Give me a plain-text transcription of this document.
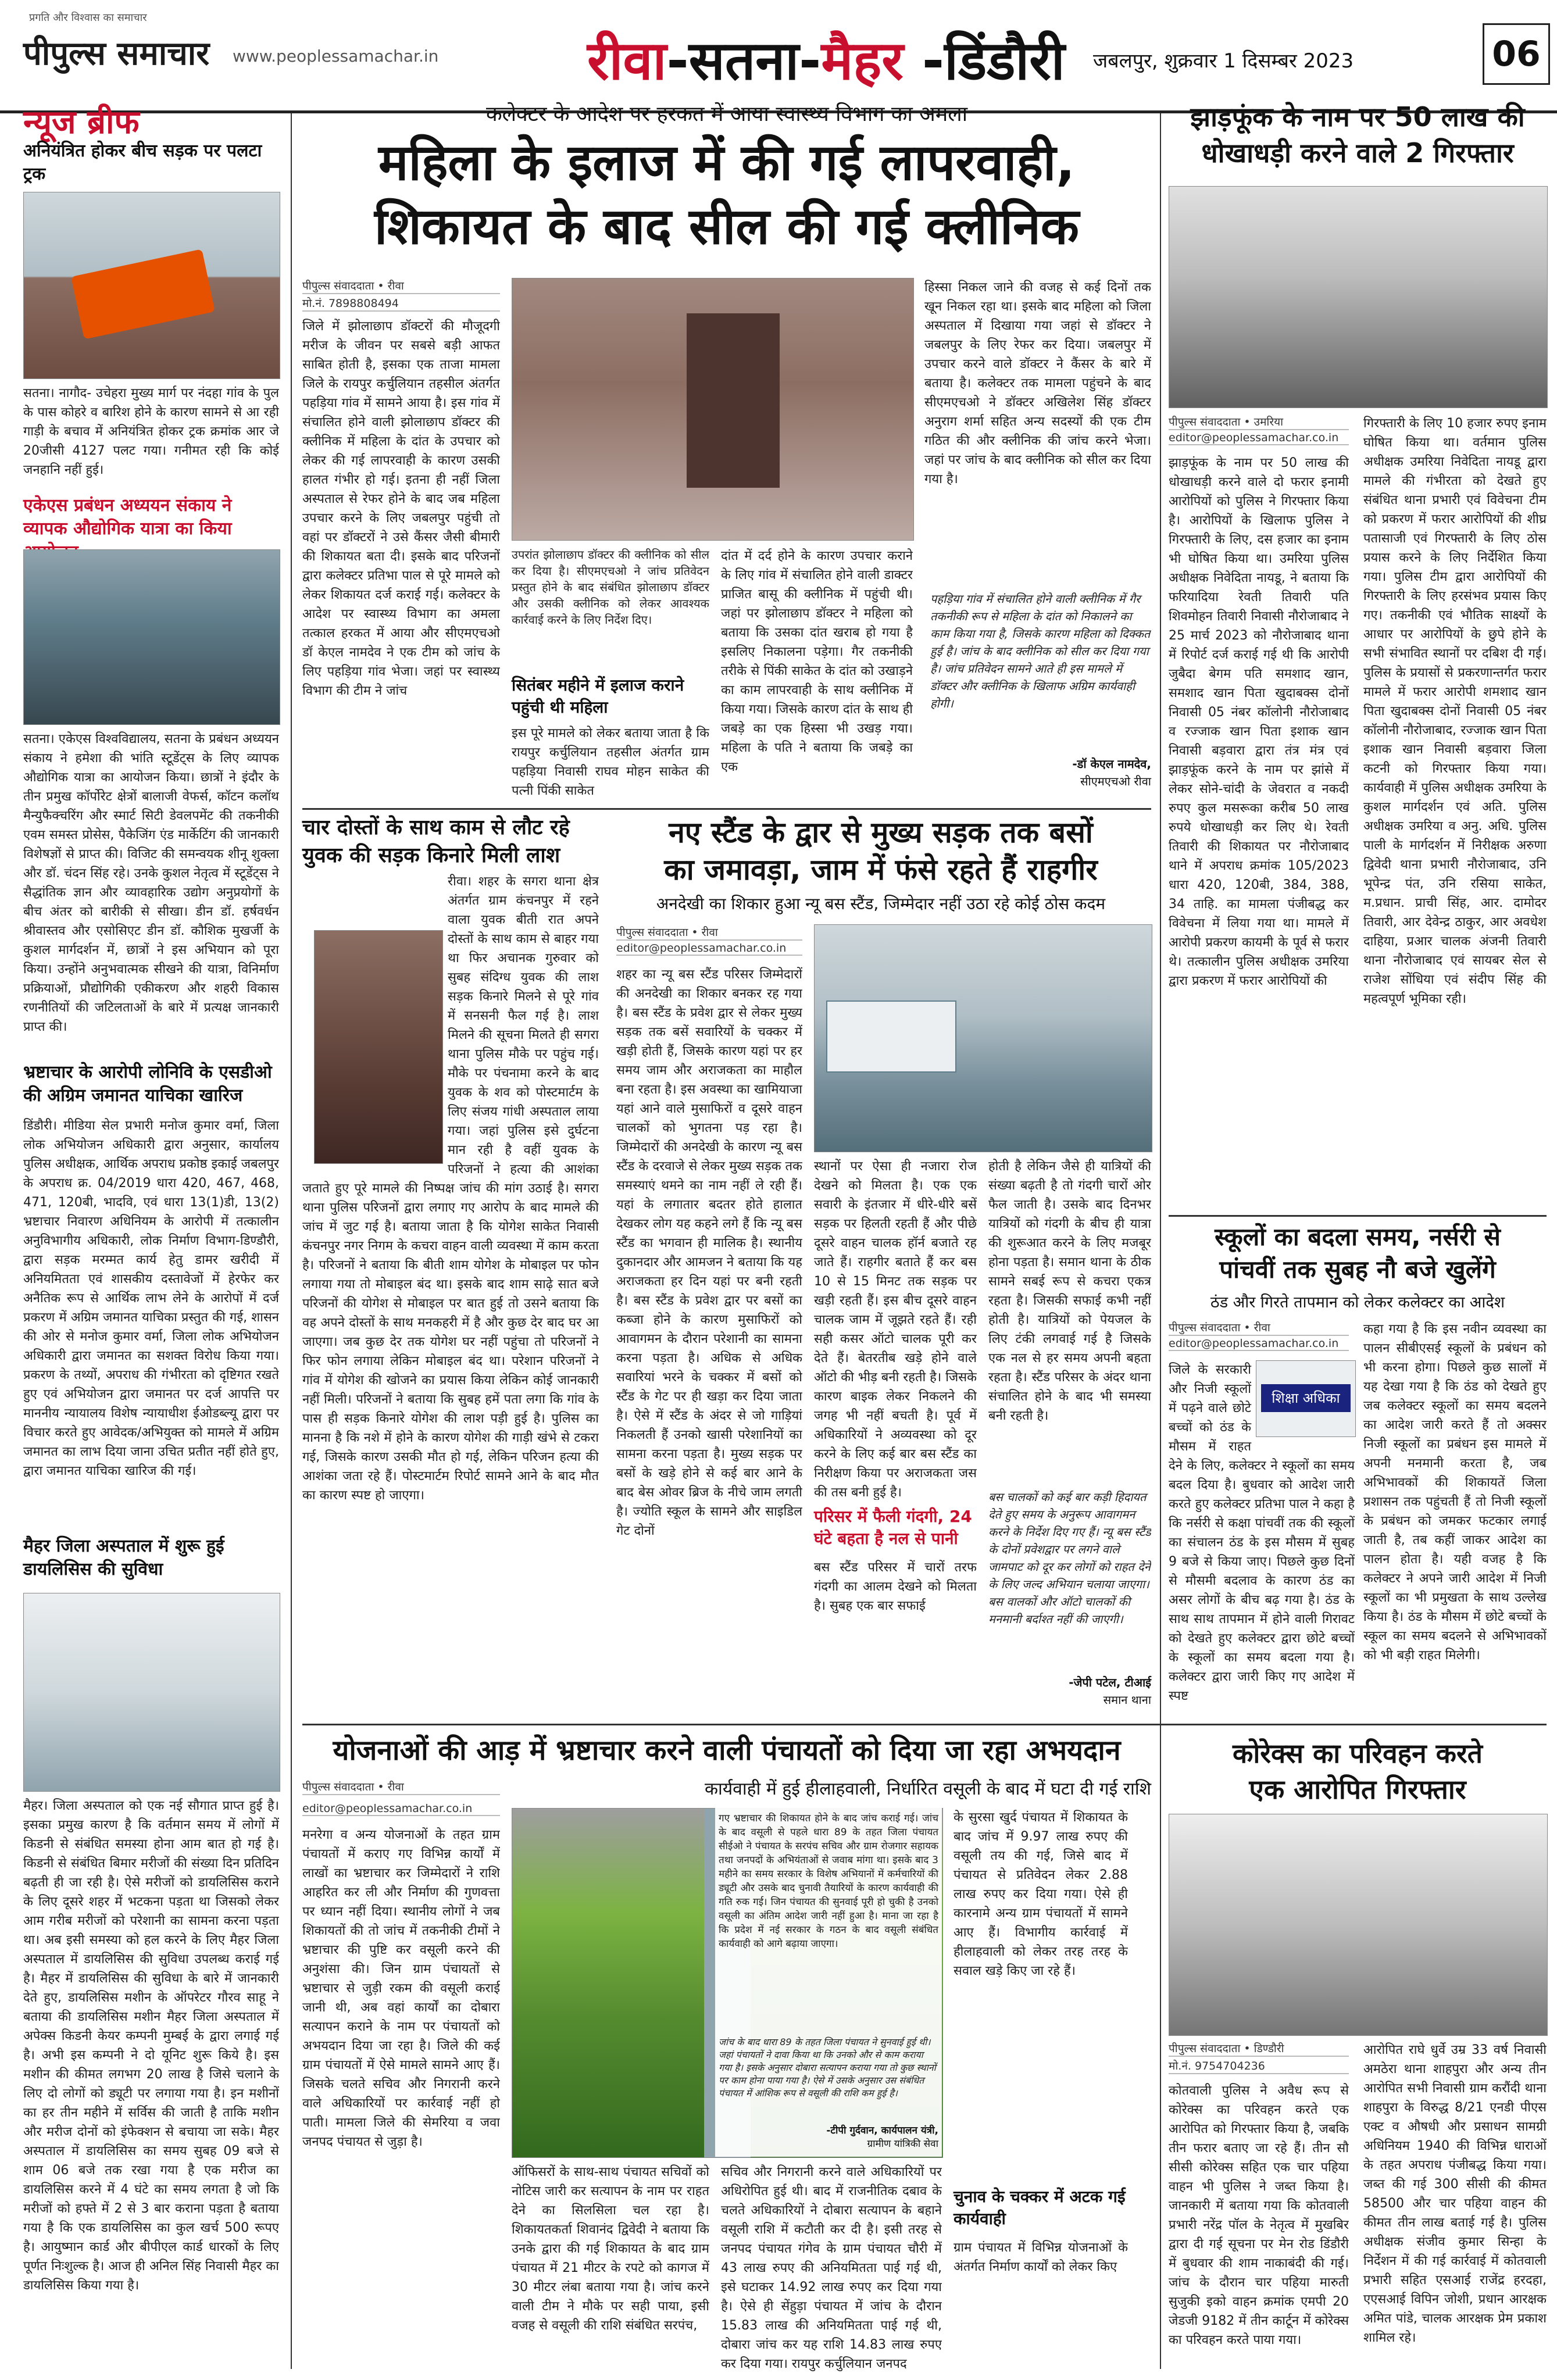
प्रगति और विश्वास का समाचार
पीपुल्स समाचार www.peoplessamachar.in	रीवा-सतना-मैहर -डिंडौरी जबलपुर, शुक्रवार 1 दिसम्बर 2023	06
न्यूज ब्रीफ
अनियंत्रित होकर बीच सड़क पर पलटा ट्रक
सतना। नागौद- उचेहरा मुख्य मार्ग पर नंदहा गांव के पुल के पास कोहरे व बारिश होने के कारण सामने से आ रही गाड़ी के बचाव में अनियंत्रित होकर ट्रक क्रमांक आर जे 20जीसी 4127 पलट गया। गनीमत रही कि कोई जनहानि नहीं हुई।
एकेएस प्रबंधन अध्ययन संकाय ने व्यापक औद्योगिक यात्रा का किया
सतना। एकेएस विश्वविद्यालय, सतना के प्रबंधन अध्ययन संकाय ने हमेशा की भांति स्टूडेंट्स के लिए व्यापक औद्योगिक यात्रा का आयोजन किया। छात्रों ने इंदौर के तीन प्रमुख कॉर्पोरेट क्षेत्रों बालाजी वेफर्स, कॉटन कलॉथ मैन्युफैक्चरिंग और स्मार्ट सिटी डेवलपमेंट की तकनीकी एवम समस्त प्रोसेस, पैकेजिंग एंड मार्केटिंग की जानकारी विशेषज्ञों से प्राप्त की। विजिट की समन्वयक शीनू शुक्ला और डॉ. चंदन सिंह रहे। उनके कुशल नेतृत्व में स्टूडेंट्स ने सैद्धांतिक ज्ञान और व्यावहारिक उद्योग अनुप्रयोगों के बीच अंतर को बारीकी से सीखा। डीन डॉ. हर्षवर्धन श्रीवास्तव और एसोसिएट डीन डॉ. कौशिक मुखर्जी के कुशल मार्गदर्शन में, छात्रों ने इस अभियान को पूरा किया। उन्होंने अनुभवात्मक सीखने की यात्रा, विनिर्माण प्रक्रियाओं, प्रौद्योगिकी एकीकरण और शहरी विकास रणनीतियों की जटिलताओं के बारे में प्रत्यक्ष जानकारी प्राप्त की।
भ्रष्टाचार के आरोपी लोनिवि के एसडीओ की अग्रिम जमानत याचिका खारिज
डिंडौरी। मीडिया सेल प्रभारी मनोज कुमार वर्मा, जिला लोक अभियोजन अधिकारी द्वारा अनुसार, कार्यालय पुलिस अधीक्षक, आर्थिक अपराध प्रकोष्ठ इकाई जबलपुर के अपराध क्र. 04/2019 धारा 420, 467, 468, 471, 120बी, भादवि, एवं धारा 13(1)डी, 13(2) भ्रष्टाचार निवारण अधिनियम के आरोपी में तत्कालीन अनुविभागीय अधिकारी, लोक निर्माण विभाग-डिण्डौरी, द्वारा सड़क मरम्मत कार्य हेतु डामर खरीदी में अनियमितता एवं शासकीय दस्तावेजों में हेरफेर कर अनैतिक रूप से आर्थिक लाभ लेने के आरोपों में दर्ज प्रकरण में अग्रिम जमानत याचिका प्रस्तुत की गई, शासन की ओर से मनोज कुमार वर्मा, जिला लोक अभियोजन अधिकारी द्वारा जमानत का सशक्त विरोध किया गया। प्रकरण के तथ्यों, अपराध की गंभीरता को दृष्टिगत रखते हुए एवं अभियोजन द्वारा जमानत पर दर्ज आपत्ति पर माननीय न्यायालय विशेष न्यायाधीश ईओडब्ल्यू द्वारा पर विचार करते हुए आवेदक/अभियुक्त को मामले में अग्रिम जमानत का लाभ दिया जाना उचित प्रतीत नहीं होते हुए, द्वारा जमानत याचिका खारिज की गई।
मैहर जिला अस्पताल में शुरू हुई डायलिसिस की सुविधा
मैहर। जिला अस्पताल को एक नई सौगात प्राप्त हुई है। इसका प्रमुख कारण है कि वर्तमान समय में लोगों में किडनी से संबंधित समस्या होना आम बात हो गई है। किडनी से संबंधित बिमार मरीजों की संख्या दिन प्रतिदिन बढ़ती ही जा रही है। ऐसे मरीजों को डायलिसिस कराने के लिए दूसरे शहर में भटकना पड़ता था जिसको लेकर आम गरीब मरीजों को परेशानी का सामना करना पड़ता था। अब इसी समस्या को हल करने के लिए मैहर जिला अस्पताल में डायलिसिस की सुविधा उपलब्ध कराई गई है। मैहर में डायलिसिस की सुविधा के बारे में जानकारी देते हुए, डायलिसिस मशीन के ऑपरेटर गौरव साहू ने बताया की डायलिसिस मशीन मैहर जिला अस्पताल में अपेक्स किडनी केयर कम्पनी मुम्बई के द्वारा लगाई गई है। अभी इस कम्पनी ने दो यूनिट शुरू किये है। इस मशीन की कीमत लगभग 20 लाख है जिसे चलाने के लिए दो लोगों को ड्यूटी पर लगाया गया है। इन मशीनों का हर तीन महीने में सर्विस की जाती है ताकि मशीन और मरीज दोनों को इंफेक्शन से बचाया जा सके। मैहर अस्पताल में डायलिसिस का समय सुबह 09 बजे से शाम 06 बजे तक रखा गया है एक मरीज का डायलिसिस करने में 4 घंटे का समय लगता है जो कि मरीजों को हफ्ते में 2 से 3 बार कराना पड़ता है बताया गया है कि एक डायलिसिस का कुल खर्च 500 रूपए है। आयुष्मान कार्ड और बीपीएल कार्ड धारकों के लिए पूर्णत निःशुल्क है। आज ही अनिल सिंह निवासी मैहर का डायलिसिस किया गया है।
कलेक्टर के आदेश पर हरकत में आया स्वास्थ्य विभाग का अमला
महिला के इलाज में की गई लापरवाही,
शिकायत के बाद सील की गई क्लीनिक
पीपुल्स संवाददाता • रीवा
मो.नं. 7898808494
जिले में झोलाछाप डॉक्टरों की मौजूदगी मरीज के जीवन पर सबसे बड़ी आफत साबित होती है, इसका एक ताजा मामला जिले के रायपुर कर्चुलियान तहसील अंतर्गत पहड़िया गांव में सामने आया है। इस गांव में संचालित होने वाली झोलाछाप डॉक्टर की क्लीनिक में महिला के दांत के उपचार को लेकर की गई लापरवाही के कारण उसकी हालत गंभीर हो गई। इतना ही नहीं जिला अस्पताल से रेफर होने के बाद जब महिला उपचार करने के लिए जबलपुर पहुंची तो वहां पर डॉक्टरों ने उसे कैंसर जैसी बीमारी की शिकायत बता दी। इसके बाद परिजनों द्वारा कलेक्टर प्रतिभा पाल से पूरे मामले को लेकर शिकायत दर्ज कराई गई। कलेक्टर के आदेश पर स्वास्थ्य विभाग का अमला तत्काल हरकत में आया और सीएमएचओ डॉ केएल नामदेव ने एक टीम को जांच के लिए पहड़िया गांव भेजा। जहां पर स्वास्थ्य विभाग की टीम ने जांच
उपरांत झोलाछाप डॉक्टर की क्लीनिक को सील कर दिया है। सीएमएचओ ने जांच प्रतिवेदन प्रस्तुत होने के बाद संबंधित झोलाछाप डॉक्टर और उसकी क्लीनिक को लेकर आवश्यक कार्रवाई करने के लिए निर्देश दिए।
सितंबर महीने में इलाज कराने पहुंची थी महिला
इस पूरे मामले को लेकर बताया जाता है कि रायपुर कर्चुलियान तहसील अंतर्गत ग्राम पहड़िया निवासी राघव मोहन साकेत की पत्नी पिंकी साकेत
दांत में दर्द होने के कारण उपचार कराने के लिए गांव में संचालित होने वाली डाक्टर प्राजित बासू की क्लीनिक में पहुंची थी। जहां पर झोलाछाप डॉक्टर ने महिला को बताया कि उसका दांत खराब हो गया है इसलिए निकालना पड़ेगा। गैर तकनीकी तरीके से पिंकी साकेत के दांत को उखाड़ने का काम लापरवाही के साथ क्लीनिक में किया गया। जिसके कारण दांत के साथ ही जबड़े का एक हिस्सा भी उखड़ गया। महिला के पति ने बताया कि जबड़े का एक
हिस्सा निकल जाने की वजह से कई दिनों तक खून निकल रहा था। इसके बाद महिला को जिला अस्पताल में दिखाया गया जहां से डॉक्टर ने जबलपुर के लिए रेफर कर दिया। जबलपुर में उपचार करने वाले डॉक्टर ने कैंसर के बारे में बताया है। कलेक्टर तक मामला पहुंचने के बाद सीएमएचओ ने डॉक्टर अखिलेश सिंह डॉक्टर अनुराग शर्मा सहित अन्य सदस्यों की एक टीम गठित की और क्लीनिक की जांच करने भेजा। जहां पर जांच के बाद क्लीनिक को सील कर दिया गया है।
पहड़िया गांव में संचालित होने वाली क्लीनिक में गैर तकनीकी रूप से महिला के दांत को निकालने का काम किया गया है, जिसके कारण महिला को दिक्कत हुई है। जांच के बाद क्लीनिक को सील कर दिया गया है। जांच प्रतिवेदन सामने आते ही इस मामले में डॉक्टर और क्लीनिक के खिलाफ अग्रिम कार्यवाही होगी।
-डॉ केएल नामदेव,
सीएमएचओ रीवा
चार दोस्तों के साथ काम से लौट रहे युवक की सड़क किनारे मिली लाश
रीवा। शहर के सगरा थाना क्षेत्र अंतर्गत ग्राम कंचनपुर में रहने वाला युवक बीती रात अपने दोस्तों के साथ काम से बाहर गया था फिर अचानक गुरुवार को सुबह संदिग्ध युवक की लाश सड़क किनारे मिलने से पूरे गांव में सनसनी फैल गई है। लाश मिलने की सूचना मिलते ही सगरा थाना पुलिस मौके पर पहुंच गई। मौके पर पंचनामा करने के बाद युवक के शव को पोस्टमार्टम के लिए संजय गांधी अस्पताल लाया गया। जहां पुलिस इसे दुर्घटना मान रही है वहीं युवक के परिजनों ने हत्या की आशंका जताते हुए पूरे मामले की निष्पक्ष जांच की मांग उठाई है। सगरा थाना पुलिस परिजनों द्वारा लगाए गए आरोप के बाद मामले की जांच में जुट गई है। बताया जाता है कि योगेश साकेत निवासी कंचनपुर नगर निगम के कचरा वाहन वाली व्यवस्था में काम करता है। परिजनों ने बताया कि बीती शाम योगेश के मोबाइल पर फोन लगाया गया तो मोबाइल बंद था। इसके बाद शाम साढ़े सात बजे परिजनों की योगेश से मोबाइल पर बात हुई तो उसने बताया कि वह अपने दोस्तों के साथ मनकहरी में है और कुछ देर बाद घर आ जाएगा। जब कुछ देर तक योगेश घर नहीं पहुंचा तो परिजनों ने फिर फोन लगाया लेकिन मोबाइल बंद था। परेशान परिजनों ने गांव में योगेश की खोजने का प्रयास किया लेकिन कोई जानकारी नहीं मिली। परिजनों ने बताया कि सुबह हमें पता लगा कि गांव के पास ही सड़क किनारे योगेश की लाश पड़ी हुई है। पुलिस का मानना है कि नशे में होने के कारण योगेश की गाड़ी खंभे से टकरा गई, जिसके कारण उसकी मौत हो गई, लेकिन परिजन हत्या की आशंका जता रहे हैं। पोस्टमार्टम रिपोर्ट सामने आने के बाद मौत का कारण स्पष्ट हो जाएगा।
नए स्टैंड के द्वार से मुख्य सड़क तक बसों
का जमावड़ा, जाम में फंसे रहते हैं राहगीर
अनदेखी का शिकार हुआ न्यू बस स्टैंड, जिम्मेदार नहीं उठा रहे कोई ठोस कदम
पीपुल्स संवाददाता • रीवा
editor@peoplessamachar.co.in
शहर का न्यू बस स्टैंड परिसर जिम्मेदारों की अनदेखी का शिकार बनकर रह गया है। बस स्टैंड के प्रवेश द्वार से लेकर मुख्य सड़क तक बसें सवारियों के चक्कर में खड़ी होती हैं, जिसके कारण यहां पर हर समय जाम और अराजकता का माहौल बना रहता है। इस अवस्था का खामियाजा यहां आने वाले मुसाफिरों व दूसरे वाहन चालकों को भुगतना पड़ रहा है। जिम्मेदारों की अनदेखी के कारण न्यू बस स्टैंड के दरवाजे से लेकर मुख्य सड़क तक समस्याएं थमने का नाम नहीं ले रही हैं। यहां के लगातार बदतर होते हालात देखकर लोग यह कहने लगे हैं कि न्यू बस स्टैंड का भगवान ही मालिक है। स्थानीय दुकानदार और आमजन ने बताया कि यह अराजकता हर दिन यहां पर बनी रहती है। बस स्टैंड के प्रवेश द्वार पर बसों का कब्जा होने के कारण मुसाफिरों को आवागमन के दौरान परेशानी का सामना करना पड़ता है। अधिक से अधिक सवारियां भरने के चक्कर में बसों को स्टैंड के गेट पर ही खड़ा कर दिया जाता है। ऐसे में स्टैंड के अंदर से जो गाड़ियां निकलती हैं उनको खासी परेशानियों का सामना करना पड़ता है। मुख्य सड़क पर बसों के खड़े होने से कई बार आने के बाद बेस ओवर ब्रिज के नीचे जाम लगती है। ज्योति स्कूल के सामने और साइडिल गेट दोनों
स्थानों पर ऐसा ही नजारा रोज देखने को मिलता है। एक एक सवारी के इंतजार में धीरे-धीरे बसें सड़क पर हिलती रहती हैं और पीछे दूसरे वाहन चालक हॉर्न बजाते रह जाते हैं। राहगीर बताते हैं कर बस 10 से 15 मिनट तक सड़क पर खड़ी रहती हैं। इस बीच दूसरे वाहन चालक जाम में जूझते रहते हैं। रही सही कसर ऑटो चालक पूरी कर देते हैं। बेतरतीब खड़े होने वाले ऑटो की भीड़ बनी रहती है। जिसके कारण बाइक लेकर निकलने की जगह भी नहीं बचती है। पूर्व में अधिकारियों ने अव्यवस्था को दूर करने के लिए कई बार बस स्टैंड का निरीक्षण किया पर अराजकता जस की तस बनी हुई है।
परिसर में फैली गंदगी, 24 घंटे बहता है नल से पानी
बस स्टैंड परिसर में चारों तरफ गंदगी का आलम देखने को मिलता है। सुबह एक बार सफाई
होती है लेकिन जैसे ही यात्रियों की संख्या बढ़ती है तो गंदगी चारों ओर फैल जाती है। उसके बाद दिनभर यात्रियों को गंदगी के बीच ही यात्रा की शुरूआत करने के लिए मजबूर होना पड़ता है। समान थाना के ठीक सामने सबई रूप से कचरा एकत्र रहता है। जिसकी सफाई कभी नहीं होती है। यात्रियों को पेयजल के लिए टंकी लगवाई गई है जिसके एक नल से हर समय अपनी बहता रहता है। स्टैंड परिसर के अंदर थाना संचालित होने के बाद भी समस्या बनी रहती है।
बस चालकों को कई बार कड़ी हिदायत देते हुए समय के अनुरूप आवागमन करने के निर्देश दिए गए हैं। न्यू बस स्टैंड के दोनों प्रवेशद्वार पर लगने वाले जामपाट को दूर कर लोगों को राहत देने के लिए जल्द अभियान चलाया जाएगा। बस वालकों और ऑटो चालकों की मनमानी बर्दाश्त नहीं की जाएगी।
-जेपी पटेल, टीआई
समान थाना
झाड़फूंक के नाम पर 50 लाख की
धोखाधड़ी करने वाले 2 गिरफ्तार
पीपुल्स संवाददाता • उमरिया
editor@peoplessamachar.co.in
झाड़फूंक के नाम पर 50 लाख की धोखाधड़ी करने वाले दो फरार इनामी आरोपियों को पुलिस ने गिरफ्तार किया है। आरोपियों के खिलाफ पुलिस ने गिरफ्तारी के लिए, दस हजार का इनाम भी घोषित किया था। उमरिया पुलिस अधीक्षक निवेदिता नायडू, ने बताया कि फरियादिया रेवती तिवारी पति शिवमोहन तिवारी निवासी नौरोजाबाद ने 25 मार्च 2023 को नौरोजाबाद थाना में रिपोर्ट दर्ज कराई गई थी कि आरोपी जुबैदा बेगम पति समशाद खान, समशाद खान पिता खुदाबक्स दोनों निवासी 05 नंबर कॉलोनी नौरोजाबाद व रज्जाक खान पिता इशाक खान निवासी बड़वारा द्वारा तंत्र मंत्र एवं झाड़फूंक करने के नाम पर झांसे में लेकर सोने-चांदी के जेवरात व नकदी रुपए कुल मसरूका करीब 50 लाख रुपये धोखाधड़ी कर लिए थे। रेवती तिवारी की शिकायत पर नौरोजाबाद थाने में अपराध क्रमांक 105/2023 धारा 420, 120बी, 384, 388, 34 ताहि. का मामला पंजीबद्ध कर विवेचना में लिया गया था। मामले में आरोपी प्रकरण कायमी के पूर्व से फरार थे। तत्कालीन पुलिस अधीक्षक उमरिया द्वारा प्रकरण में फरार आरोपियों की
गिरफ्तारी के लिए 10 हजार रुपए इनाम घोषित किया था। वर्तमान पुलिस अधीक्षक उमरिया निवेदिता नायडू द्वारा मामले की गंभीरता को देखते हुए संबंधित थाना प्रभारी एवं विवेचना टीम को प्रकरण में फरार आरोपियों की शीघ्र पतासाजी एवं गिरफ्तारी के लिए ठोस प्रयास करने के लिए निर्देशित किया गया। पुलिस टीम द्वारा आरोपियों की गिरफ्तारी के लिए हरसंभव प्रयास किए गए। तकनीकी एवं भौतिक साक्ष्यों के आधार पर आरोपियों के छुपे होने के सभी संभावित स्थानों पर दबिश दी गई। पुलिस के प्रयासों से प्रकरणान्तर्गत फरार मामले में फरार आरोपी शमशाद खान पिता खुदाबक्स दोनों निवासी 05 नंबर कॉलोनी नौरोजाबाद, रज्जाक खान पिता इशाक खान निवासी बड़वारा जिला कटनी को गिरफ्तार किया गया। कार्यवाही में पुलिस अधीक्षक उमरिया के कुशल मार्गदर्शन एवं अति. पुलिस अधीक्षक उमरिया व अनु. अधि. पुलिस पाली के मार्गदर्शन में निरीक्षक अरुणा द्विवेदी थाना प्रभारी नौरोजाबाद, उनि भूपेन्द्र पंत, उनि रसिया साकेत, म.प्रधान. प्राची सिंह, आर. दामोदर तिवारी, आर देवेन्द्र ठाकुर, आर अवधेश दाहिया, प्रआर चालक अंजनी तिवारी थाना नौरोजाबाद एवं सायबर सेल से राजेश सोंधिया एवं संदीप सिंह की महत्वपूर्ण भूमिका रही।
स्कूलों का बदला समय, नर्सरी से
पांचवीं तक सुबह नौ बजे खुलेंगे
ठंड और गिरते तापमान को लेकर कलेक्टर का आदेश
पीपुल्स संवाददाता • रीवा
editor@peoplessamachar.co.in
शिक्षा अधिका
जिले के सरकारी और निजी स्कूलों में पढ़ने वाले छोटे बच्चों को ठंड के मौसम में राहत देने के लिए, कलेक्टर ने स्कूलों का समय बदल दिया है। बुधवार को आदेश जारी करते हुए कलेक्टर प्रतिभा पाल ने कहा है कि नर्सरी से कक्षा पांचवीं तक की स्कूलों का संचालन ठंड के इस मौसम में सुबह 9 बजे से किया जाए। पिछले कुछ दिनों से मौसमी बदलाव के कारण ठंड का असर लोगों के बीच बढ़ गया है। ठंड के साथ साथ तापमान में होने वाली गिरावट को देखते हुए कलेक्टर द्वारा छोटे बच्चों के स्कूलों का समय बदला गया है। कलेक्टर द्वारा जारी किए गए आदेश में स्पष्ट
कहा गया है कि इस नवीन व्यवस्था का पालन सीबीएसई स्कूलों के प्रबंधन को भी करना होगा। पिछले कुछ सालों में यह देखा गया है कि ठंड को देखते हुए जब कलेक्टर स्कूलों का समय बदलने का आदेश जारी करते हैं तो अक्सर निजी स्कूलों का प्रबंधन इस मामले में अपनी मनमानी करता है, जब अभिभावकों की शिकायतें जिला प्रशासन तक पहुंचती हैं तो निजी स्कूलों के प्रबंधन को जमकर फटकार लगाई जाती है, तब कहीं जाकर आदेश का पालन होता है। यही वजह है कि कलेक्टर ने अपने जारी आदेश में निजी स्कूलों का भी प्रमुखता के साथ उल्लेख किया है। ठंड के मौसम में छोटे बच्चों के स्कूल का समय बदलने से अभिभावकों को भी बड़ी राहत मिलेगी।
योजनाओं की आड़ में भ्रष्टाचार करने वाली पंचायतों को दिया जा रहा अभयदान
कार्यवाही में हुई हीलाहवाली, निर्धारित वसूली के बाद में घटा दी गई राशि
पीपुल्स संवाददाता • रीवा
editor@peoplessamachar.co.in
मनरेगा व अन्य योजनाओं के तहत ग्राम पंचायतों में कराए गए विभिन्न कार्यों में लाखों का भ्रष्टाचार कर जिम्मेदारों ने राशि आहरित कर ली और निर्माण की गुणवत्ता पर ध्यान नहीं दिया। स्थानीय लोगों ने जब शिकायतों की तो जांच में तकनीकी टीमों ने भ्रष्टाचार की पुष्टि कर वसूली करने की अनुशंसा की। जिन ग्राम पंचायतों से भ्रष्टाचार से जुड़ी रकम की वसूली कराई जानी थी, अब वहां कार्यों का दोबारा सत्यापन कराने के नाम पर पंचायतों को अभयदान दिया जा रहा है। जिले की कई ग्राम पंचायतों में ऐसे मामले सामने आए हैं। जिसके चलते सचिव और निगरानी करने वाले अधिकारियों पर कार्रवाई नहीं हो पाती। मामला जिले की सेमरिया व जवा जनपद पंचायत से जुड़ा है।
ऑफिसरों के साथ-साथ पंचायत सचिवों को नोटिस जारी कर सत्यापन के नाम पर राहत देने का सिलसिला चल रहा है। शिकायतकर्ता शिवानंद द्विवेदी ने बताया कि उनके द्वारा की गई शिकायत के बाद ग्राम पंचायत में 21 मीटर के रपटे को कागज में 30 मीटर लंबा बताया गया है। जांच करने वाली टीम ने मौके पर सही पाया, इसी वजह से वसूली की राशि संबंधित सरपंच,
सचिव और निगरानी करने वाले अधिकारियों पर अधिरोपित हुई थी। बाद में राजनीतिक दबाव के चलते अधिकारियों ने दोबारा सत्यापन के बहाने वसूली राशि में कटौती कर दी है। इसी तरह से जनपद पंचायत गंगेव के ग्राम पंचायत चौरी में 43 लाख रुपए की अनियमितता पाई गई थी, इसे घटाकर 14.92 लाख रुपए कर दिया गया है। ऐसे ही सेंहुड़ा पंचायत में जांच के दौरान 15.83 लाख की अनियमितता पाई गई थी, दोबारा जांच कर यह राशि 14.83 लाख रुपए कर दिया गया। रायपुर कर्चुलियान जनपद
के सुरसा खुर्द पंचायत में शिकायत के बाद जांच में 9.97 लाख रुपए की वसूली तय की गई, जिसे बाद में पंचायत से प्रतिवेदन लेकर 2.88 लाख रुपए कर दिया गया। ऐसे ही कारनामे अन्य ग्राम पंचायतों में सामने आए हैं। विभागीय कार्रवाई में हीलाहवाली को लेकर तरह तरह के सवाल खड़े किए जा रहे हैं।
चुनाव के चक्कर में अटक गई कार्यवाही
ग्राम पंचायत में विभिन्न योजनाओं के अंतर्गत निर्माण कार्यों को लेकर किए
कोरेक्स का परिवहन करते
एक आरोपित गिरफ्तार
पीपुल्स संवाददाता • डिण्डौरी
मो.नं. 9754704236
कोतवाली पुलिस ने अवैध रूप से कोरेक्स का परिवहन करते एक आरोपित को गिरफ्तार किया है, जबकि तीन फरार बताए जा रहे हैं। तीन सौ सीसी कोरेक्स सहित एक चार पहिया वाहन भी पुलिस ने जब्त किया है। जानकारी में बताया गया कि कोतवाली प्रभारी नरेंद्र पॉल के नेतृत्व में मुखबिर द्वारा दी गई सूचना पर मेन रोड डिंडौरी में बुधवार की शाम नाकाबंदी की गई। जांच के दौरान चार पहिया मारुती सुजुकी इको वाहन क्रमांक एमपी 20 जेडजी 9182 में तीन कार्टून में कोरेक्स का परिवहन करते पाया गया।
आरोपित राघे धुर्वे उम्र 33 वर्ष निवासी अमठेरा थाना शाहपुरा और अन्य तीन आरोपित सभी निवासी ग्राम करौंदी थाना शाहपुरा के विरुद्ध 8/21 एनडी पीएस एक्ट व औषधी और प्रसाधन सामग्री अधिनियम 1940 की विभिन्न धाराओं के तहत अपराध पंजीबद्ध किया गया। जब्त की गई 300 सीसी की कीमत 58500 और चार पहिया वाहन की कीमत तीन लाख बताई गई है। पुलिस अधीक्षक संजीव कुमार सिन्हा के निर्देशन में की गई कार्रवाई में कोतवाली प्रभारी सहित एसआई राजेंद्र हरदहा, एएसआई विपिन जोशी, प्रधान आरक्षक अमित पांडे, चालक आरक्षक प्रेम प्रकाश शामिल रहे।
गए भ्रष्टाचार की शिकायत होने के बाद जांच कराई गई। जांच के बाद वसूली से पहले धारा 89 के तहत जिला पंचायत सीईओ ने पंचायत के सरपंच सचिव और ग्राम रोजगार सहायक तथा जनपदों के अभियंताओं से जवाब मांगा था। इसके बाद 3 महीने का समय सरकार के विशेष अभियानों में कर्मचारियों की ड्यूटी और उसके बाद चुनावी तैयारियों के कारण कार्यवाही की गति रुक गई। जिन पंचायत की सुनवाई पूरी हो चुकी है उनको वसूली का अंतिम आदेश जारी नहीं हुआ है। माना जा रहा है कि प्रदेश में नई सरकार के गठन के बाद वसूली संबंधित कार्यवाही को आगे बढ़ाया जाएगा।
जांच के बाद धारा 89 के तहत जिला पंचायत ने सुनवाई हुई थी। जहां पंचायतों ने दावा किया था कि उनको और से काम कराया गया है। इसके अनुसार दोबारा सत्यापन कराया गया तो कुछ स्थानों पर काम होना पाया गया है। ऐसे में उसके अनुसार उस संबंधित पंचायत में आंशिक रूप से वसूली की राशि कम हुई है।
-टीपी गुर्दवान, कार्यपालन यंत्री,
ग्रामीण यांत्रिकी सेवा
